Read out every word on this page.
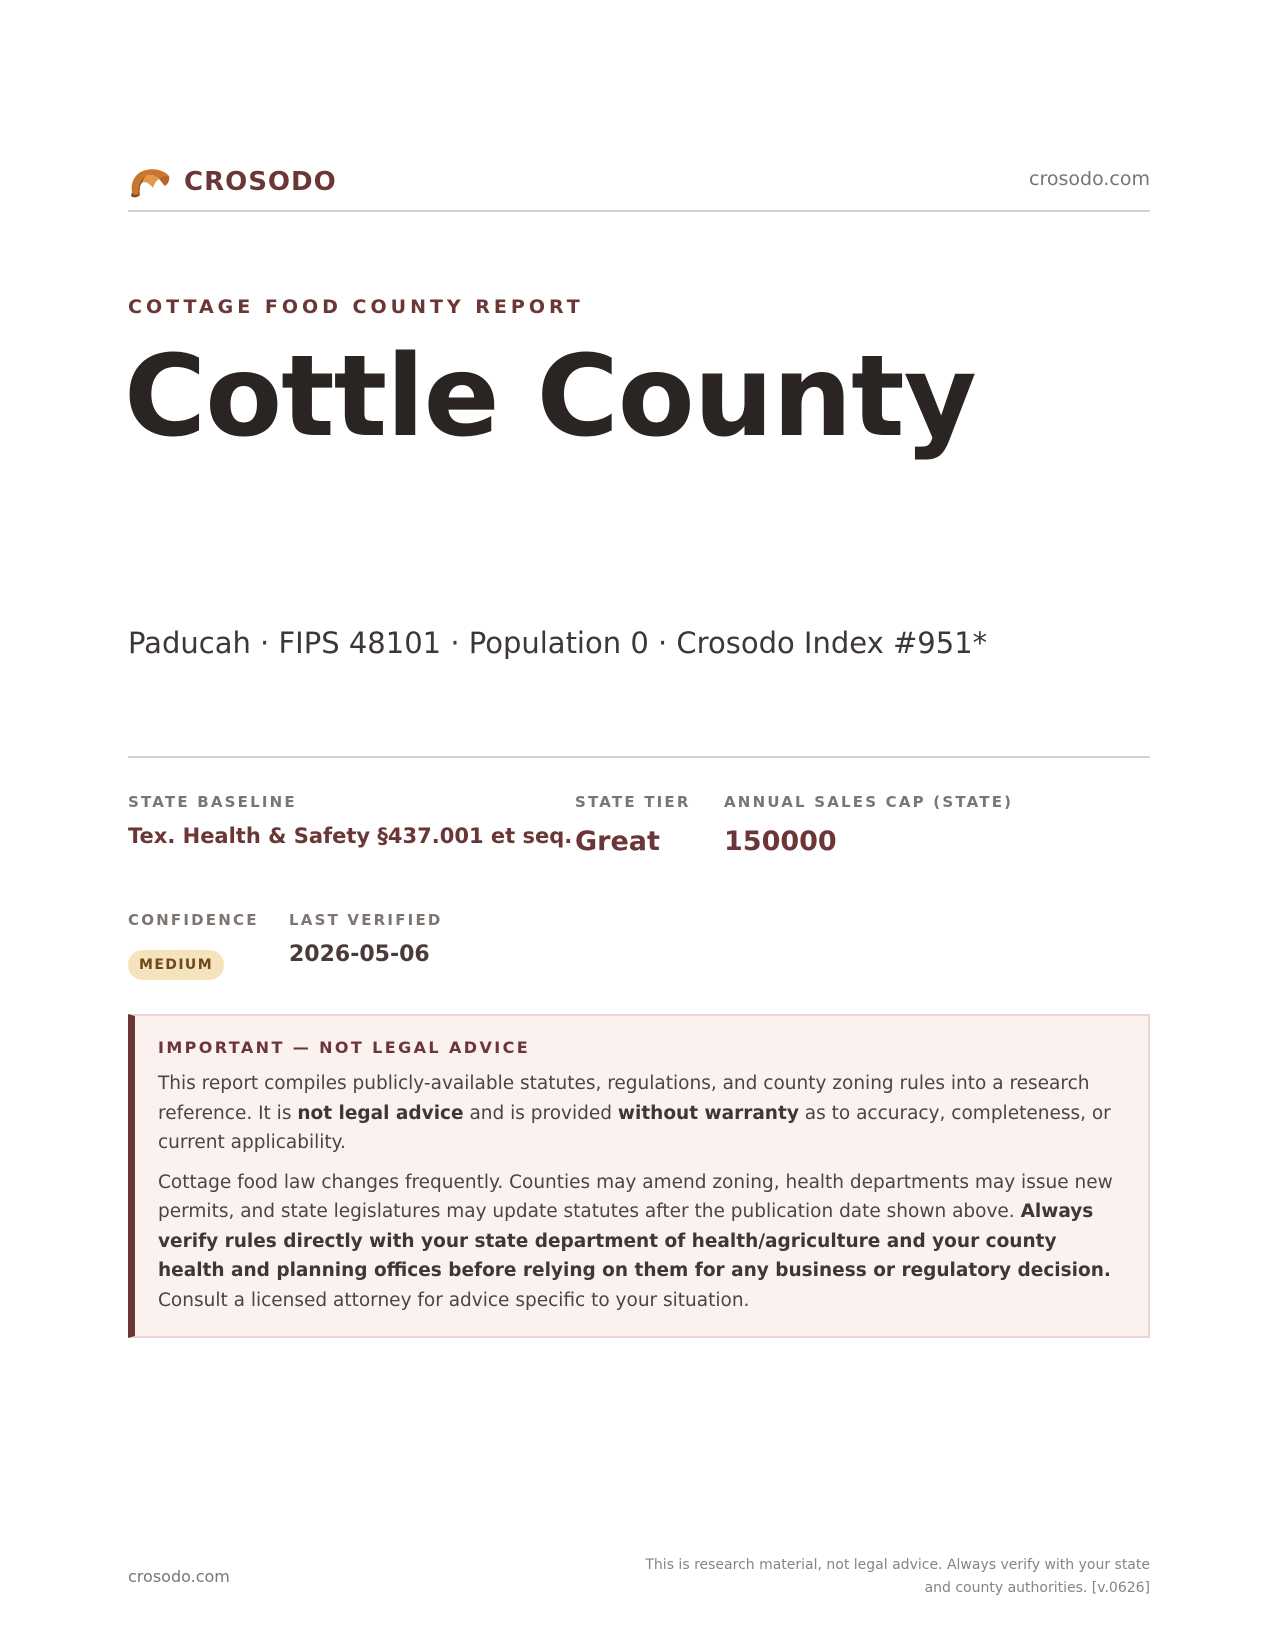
CROSODO	crosodo.com
COTTAGE FOOD COUNTY REPORT
Cottle County
Paducah · FIPS 48101 · Population 0 · Crosodo Index #951*
STATE BASELINE
Tex. Health & Safety §437.001 et seq.
STATE TIER
Great
ANNUAL SALES CAP (STATE)
150000
CONFIDENCE
MEDIUM
LAST VERIFIED
2026-05-06
IMPORTANT — NOT LEGAL ADVICE

This report compiles publicly-available statutes, regulations, and county zoning rules into a research reference. It is not legal advice and is provided without warranty as to accuracy, completeness, or current applicability.

Cottage food law changes frequently. Counties may amend zoning, health departments may issue new permits, and state legislatures may update statutes after the publication date shown above. Always verify rules directly with your state department of health/agriculture and your county health and planning offices before relying on them for any business or regulatory decision. Consult a licensed attorney for advice specific to your situation.

crosodo.com
This is research material, not legal advice. Always verify with your state and county authorities. [v.0626]
